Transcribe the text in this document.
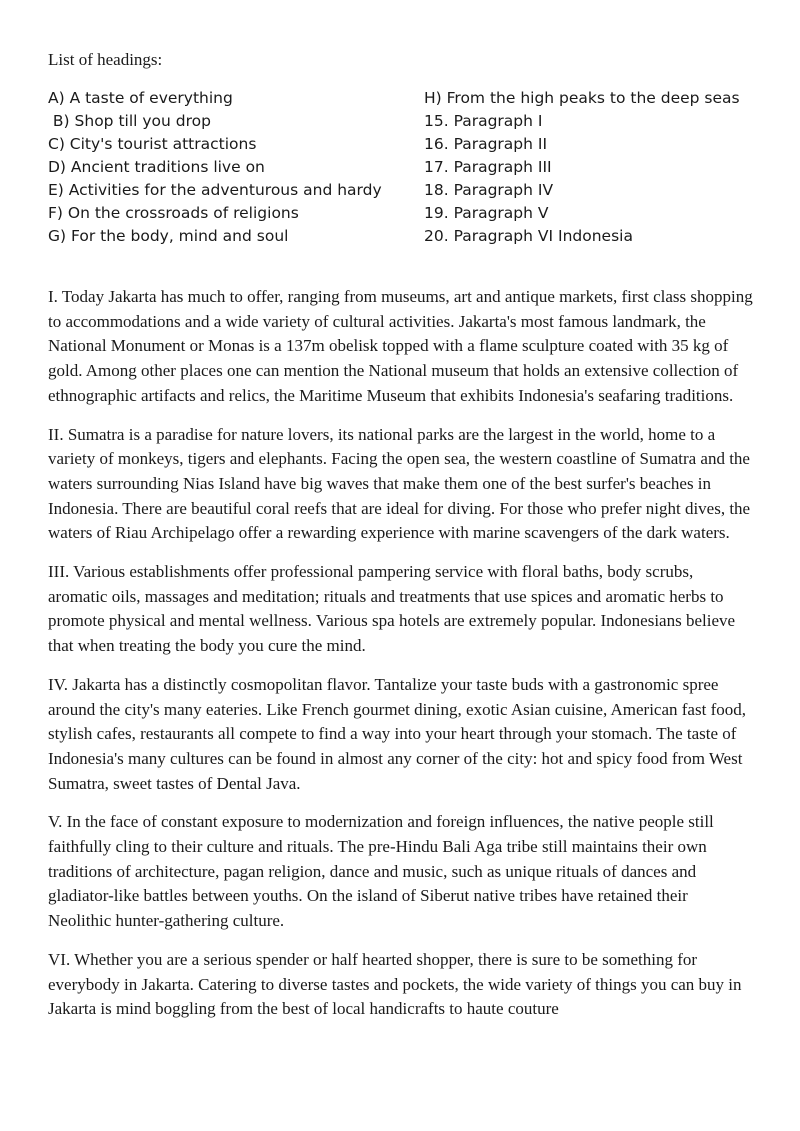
List of headings:

A) A taste of everything
B) Shop till you drop
C) City's tourist attractions
D) Ancient traditions live on
E) Activities for the adventurous and hardy
F) On the crossroads of religions
G) For the body, mind and soul
H) From the high peaks to the deep seas
15. Paragraph I
16. Paragraph II
17. Paragraph III
18. Paragraph IV
19. Paragraph V
20. Paragraph VI Indonesia

I. Today Jakarta has much to offer, ranging from museums, art and antique markets, first class shopping to accommodations and a wide variety of cultural activities. Jakarta's most famous landmark, the National Monument or Monas is a 137m obelisk topped with a flame sculpture coated with 35 kg of gold. Among other places one can mention the National museum that holds an extensive collection of ethnographic artifacts and relics, the Maritime Museum that exhibits Indonesia's seafaring traditions.

II. Sumatra is a paradise for nature lovers, its national parks are the largest in the world, home to a variety of monkeys, tigers and elephants. Facing the open sea, the western coastline of Sumatra and the waters surrounding Nias Island have big waves that make them one of the best surfer's beaches in Indonesia. There are beautiful coral reefs that are ideal for diving. For those who prefer night dives, the waters of Riau Archipelago offer a rewarding experience with marine scavengers of the dark waters.

III. Various establishments offer professional pampering service with floral baths, body scrubs, aromatic oils, massages and meditation; rituals and treatments that use spices and aromatic herbs to promote physical and mental wellness. Various spa hotels are extremely popular. Indonesians believe that when treating the body you cure the mind.

IV. Jakarta has a distinctly cosmopolitan flavor. Tantalize your taste buds with a gastronomic spree around the city's many eateries. Like French gourmet dining, exotic Asian cuisine, American fast food, stylish cafes, restaurants all compete to find a way into your heart through your stomach. The taste of Indonesia's many cultures can be found in almost any corner of the city: hot and spicy food from West Sumatra, sweet tastes of Dental Java.

V. In the face of constant exposure to modernization and foreign influences, the native people still faithfully cling to their culture and rituals. The pre-Hindu Bali Aga tribe still maintains their own traditions of architecture, pagan religion, dance and music, such as unique rituals of dances and gladiator-like battles between youths. On the island of Siberut native tribes have retained their Neolithic hunter-gathering culture.

VI. Whether you are a serious spender or half hearted shopper, there is sure to be something for everybody in Jakarta. Catering to diverse tastes and pockets, the wide variety of things you can buy in Jakarta is mind boggling from the best of local handicrafts to haute couture
